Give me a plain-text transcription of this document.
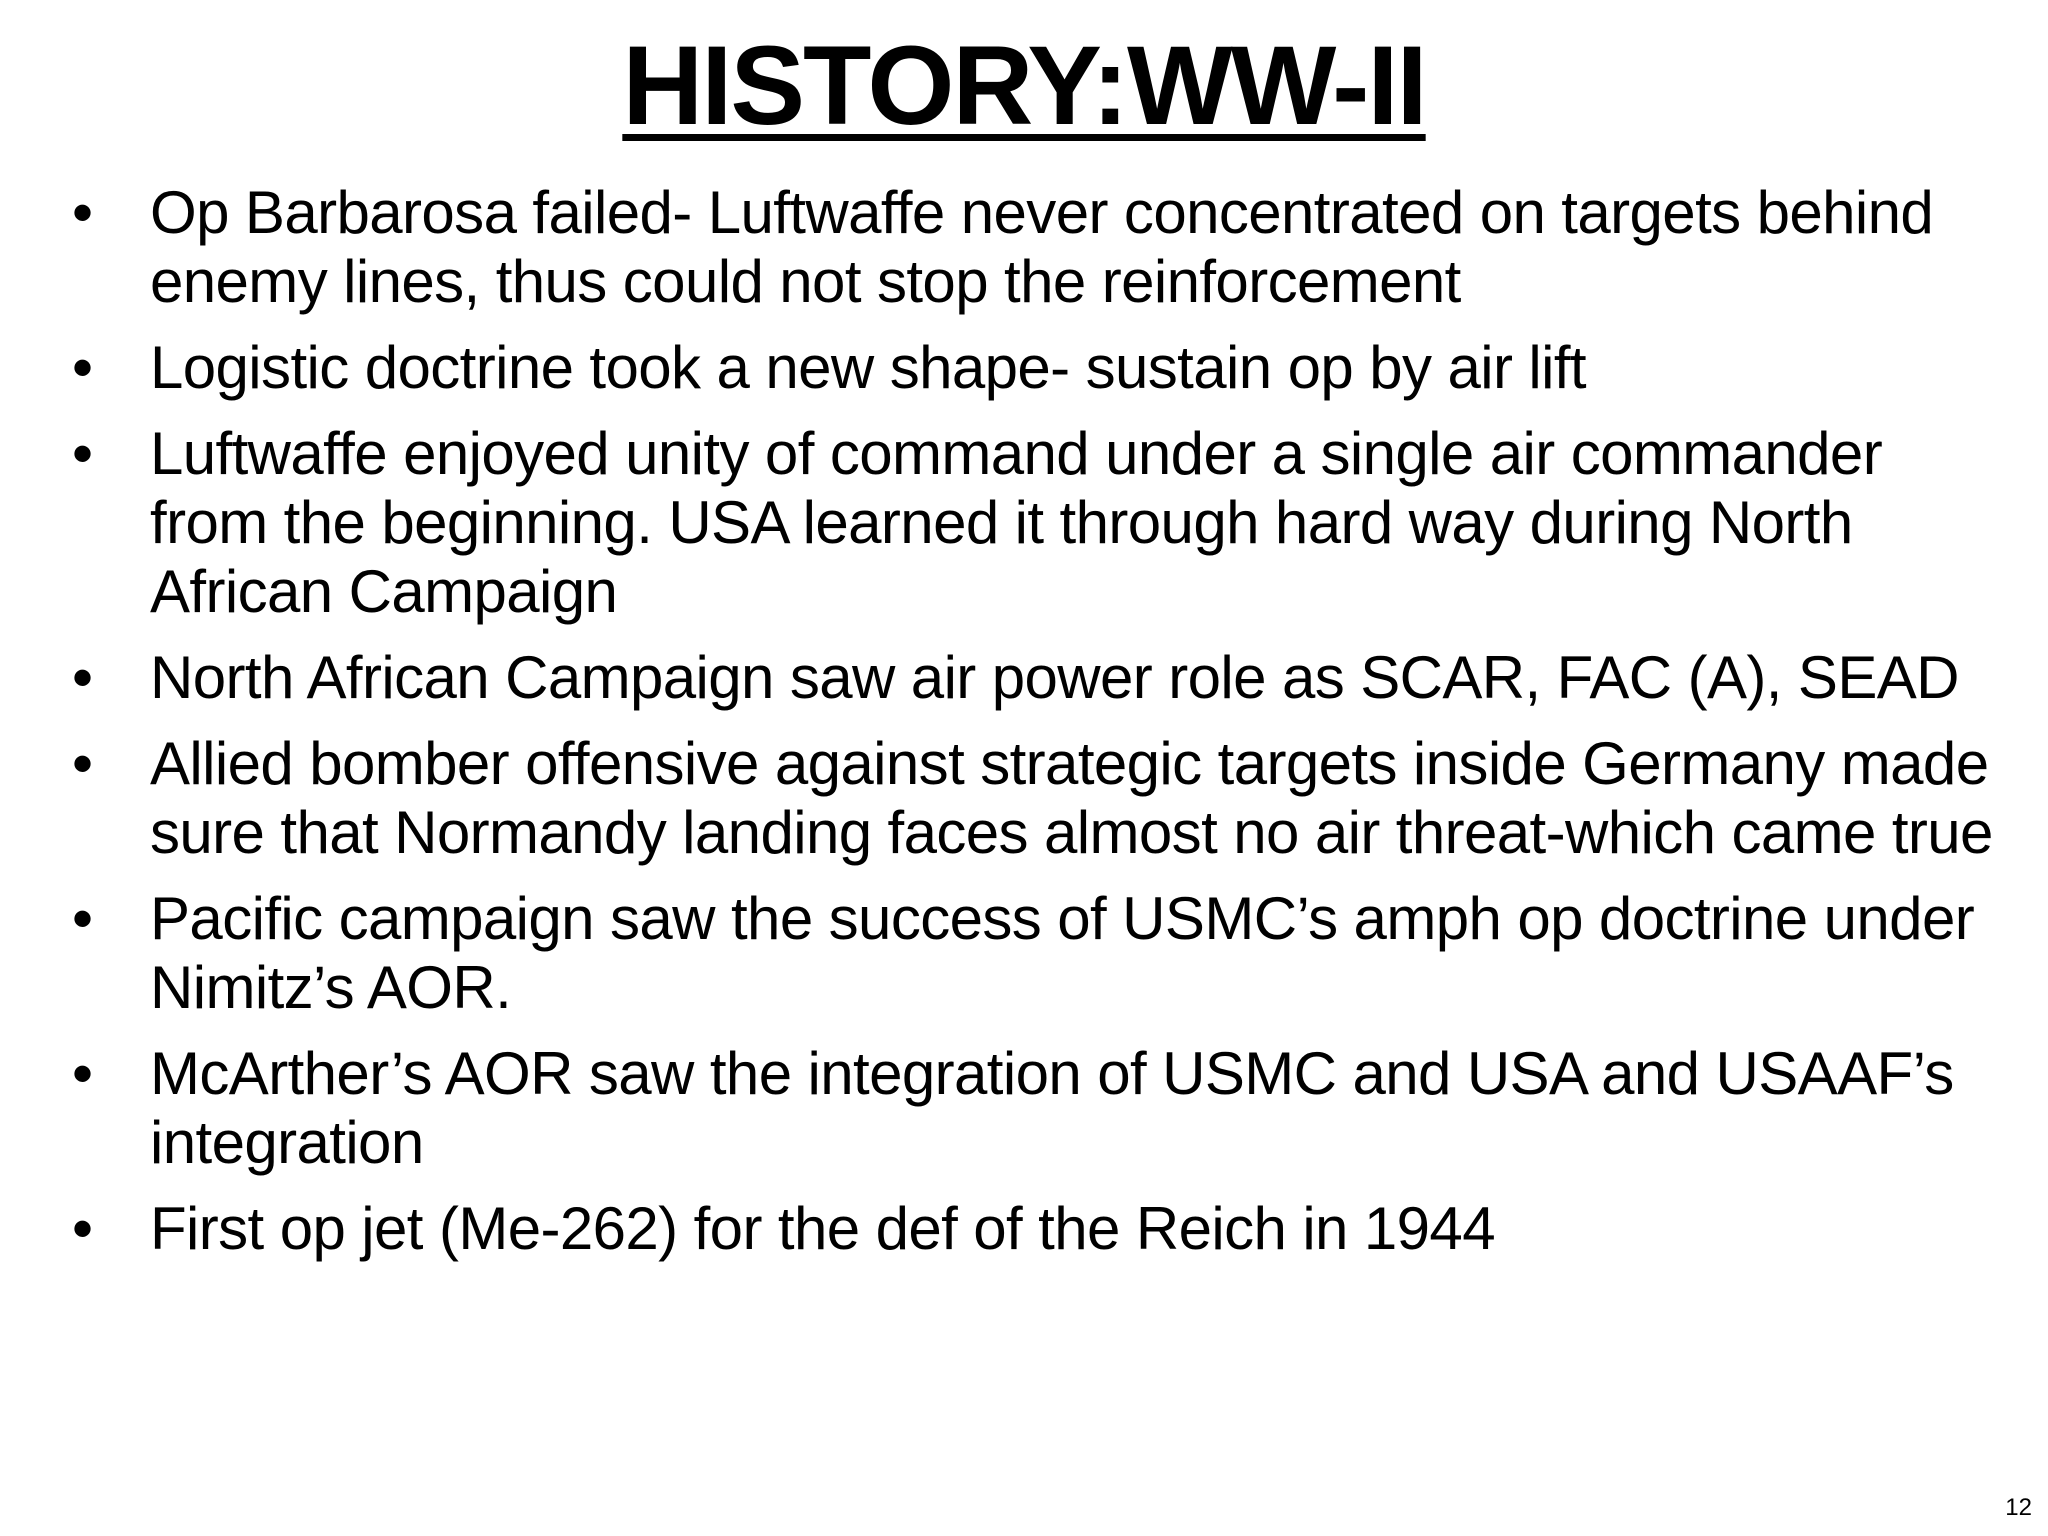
HISTORY:WW-II
• Op Barbarosa failed- Luftwaffe never concentrated on targets behind enemy lines, thus could not stop the reinforcement
• Logistic doctrine took a new shape- sustain op by air lift
• Luftwaffe enjoyed unity of command under a single air commander from the beginning. USA learned it through hard way during North African Campaign
• North African Campaign saw air power role as SCAR, FAC (A), SEAD
• Allied bomber offensive against strategic targets inside Germany made sure that Normandy landing faces almost no air threat-which came true
• Pacific campaign saw the success of USMC’s amph op doctrine under Nimitz’s AOR.
• McArther’s AOR saw the integration of USMC and USA and USAAF’s integration
• First op jet (Me-262) for the def of the Reich in 1944
12
